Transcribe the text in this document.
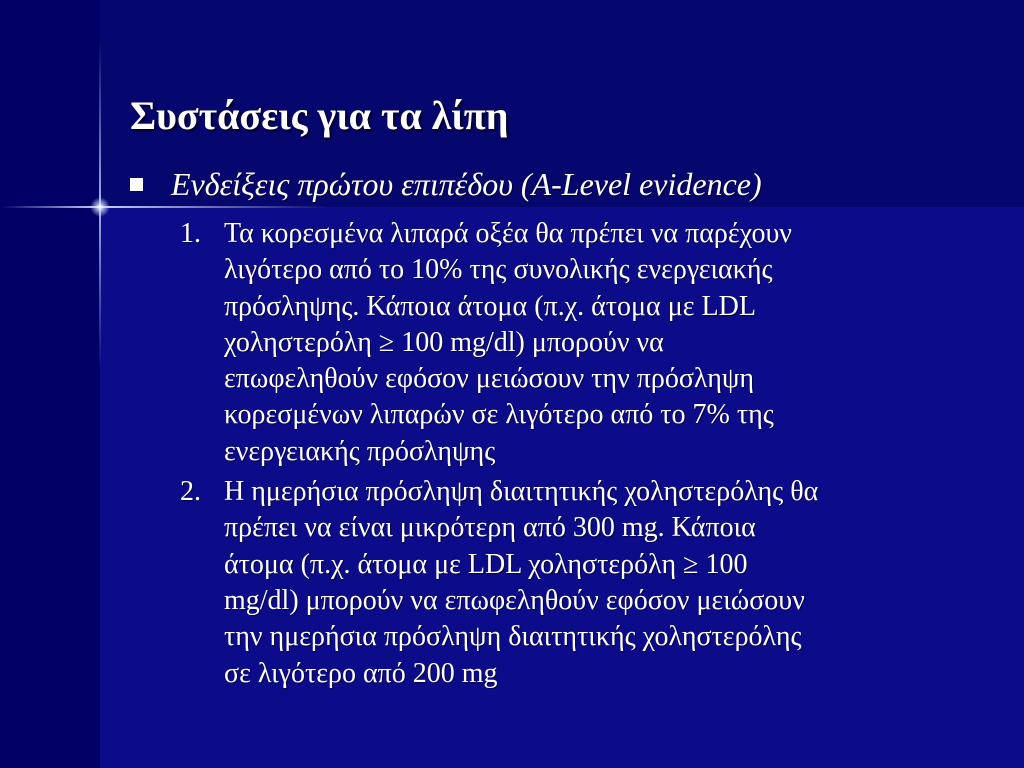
Συστάσεις για τα λίπη
Ενδείξεις πρώτου επιπέδου (A-Level evidence)
1. Τα κορεσμένα λιπαρά οξέα θα πρέπει να παρέχουν
λιγότερο από το 10% της συνολικής ενεργειακής
πρόσληψης. Κάποια άτομα (π.χ. άτομα με LDL
χοληστερόλη ≥ 100 mg/dl) μπορούν να
επωφεληθούν εφόσον μειώσουν την πρόσληψη
κορεσμένων λιπαρών σε λιγότερο από το 7% της
ενεργειακής πρόσληψης
2. Η ημερήσια πρόσληψη διαιτητικής χοληστερόλης θα
πρέπει να είναι μικρότερη από 300 mg. Κάποια
άτομα (π.χ. άτομα με LDL χοληστερόλη ≥ 100
mg/dl) μπορούν να επωφεληθούν εφόσον μειώσουν
την ημερήσια πρόσληψη διαιτητικής χοληστερόλης
σε λιγότερο από 200 mg
